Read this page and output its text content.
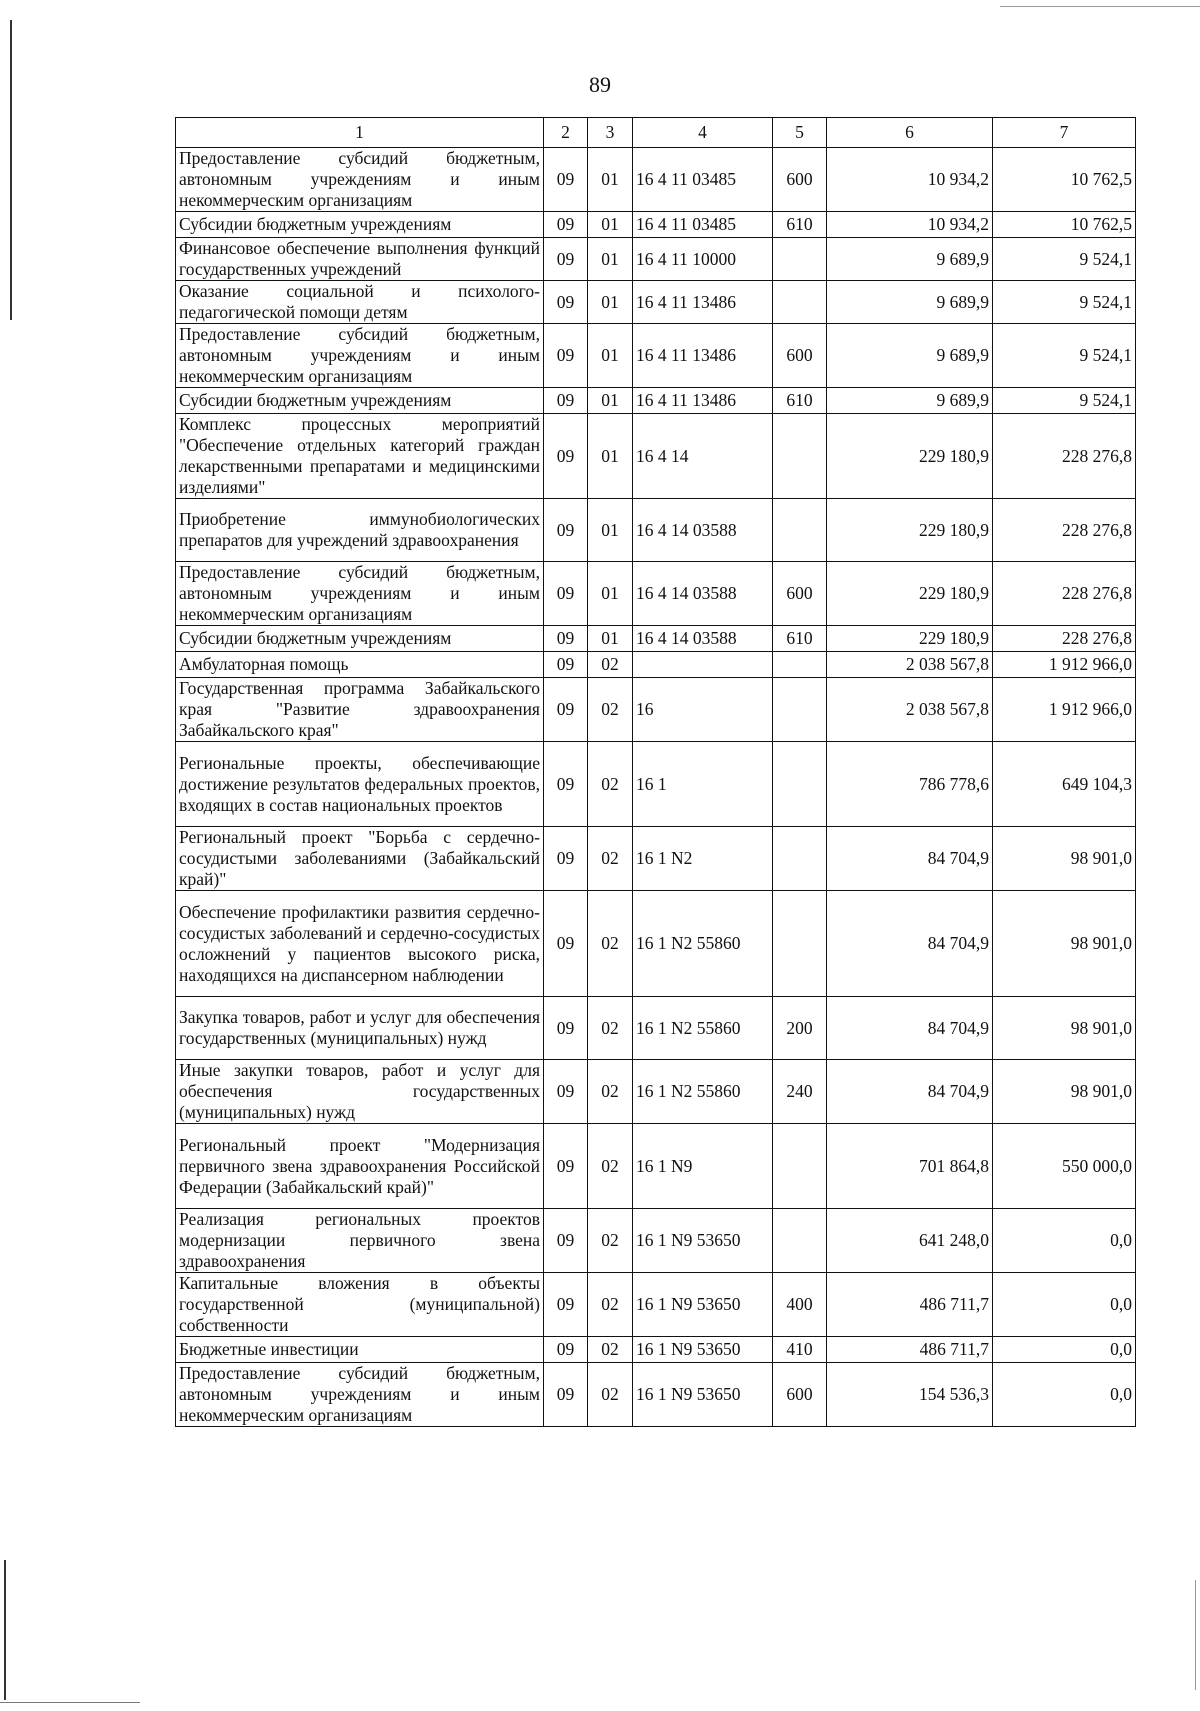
89
1	2	3	4	5	6	7
Предоставление субсидий бюджетным, автономным учреждениям и иным некоммерческим организациям	09	01	16 4 11 03485	600	10 934,2	10 762,5
Субсидии бюджетным учреждениям	09	01	16 4 11 03485	610	10 934,2	10 762,5
Финансовое обеспечение выполнения функций государственных учреждений	09	01	16 4 11 10000		9 689,9	9 524,1
Оказание социальной и психолого-педагогической помощи детям	09	01	16 4 11 13486		9 689,9	9 524,1
Предоставление субсидий бюджетным, автономным учреждениям и иным некоммерческим организациям	09	01	16 4 11 13486	600	9 689,9	9 524,1
Субсидии бюджетным учреждениям	09	01	16 4 11 13486	610	9 689,9	9 524,1
Комплекс процессных мероприятий "Обеспечение отдельных категорий граждан лекарственными препаратами и медицинскими изделиями"	09	01	16 4 14		229 180,9	228 276,8
Приобретение иммунобиологических препаратов для учреждений здравоохранения	09	01	16 4 14 03588		229 180,9	228 276,8
Предоставление субсидий бюджетным, автономным учреждениям и иным некоммерческим организациям	09	01	16 4 14 03588	600	229 180,9	228 276,8
Субсидии бюджетным учреждениям	09	01	16 4 14 03588	610	229 180,9	228 276,8
Амбулаторная помощь	09	02			2 038 567,8	1 912 966,0
Государственная программа Забайкальского края "Развитие здравоохранения Забайкальского края"	09	02	16		2 038 567,8	1 912 966,0
Региональные проекты, обеспечивающие достижение результатов федеральных проектов, входящих в состав национальных проектов	09	02	16 1		786 778,6	649 104,3
Региональный проект "Борьба с сердечно-сосудистыми заболеваниями (Забайкальский край)"	09	02	16 1 N2		84 704,9	98 901,0
Обеспечение профилактики развития сердечно-сосудистых заболеваний и сердечно-сосудистых осложнений у пациентов высокого риска, находящихся на диспансерном наблюдении	09	02	16 1 N2 55860		84 704,9	98 901,0
Закупка товаров, работ и услуг для обеспечения государственных (муниципальных) нужд	09	02	16 1 N2 55860	200	84 704,9	98 901,0
Иные закупки товаров, работ и услуг для обеспечения государственных (муниципальных) нужд	09	02	16 1 N2 55860	240	84 704,9	98 901,0
Региональный проект "Модернизация первичного звена здравоохранения Российской Федерации (Забайкальский край)"	09	02	16 1 N9		701 864,8	550 000,0
Реализация региональных проектов модернизации первичного звена здравоохранения	09	02	16 1 N9 53650		641 248,0	0,0
Капитальные вложения в объекты государственной (муниципальной) собственности	09	02	16 1 N9 53650	400	486 711,7	0,0
Бюджетные инвестиции	09	02	16 1 N9 53650	410	486 711,7	0,0
Предоставление субсидий бюджетным, автономным учреждениям и иным некоммерческим организациям	09	02	16 1 N9 53650	600	154 536,3	0,0
